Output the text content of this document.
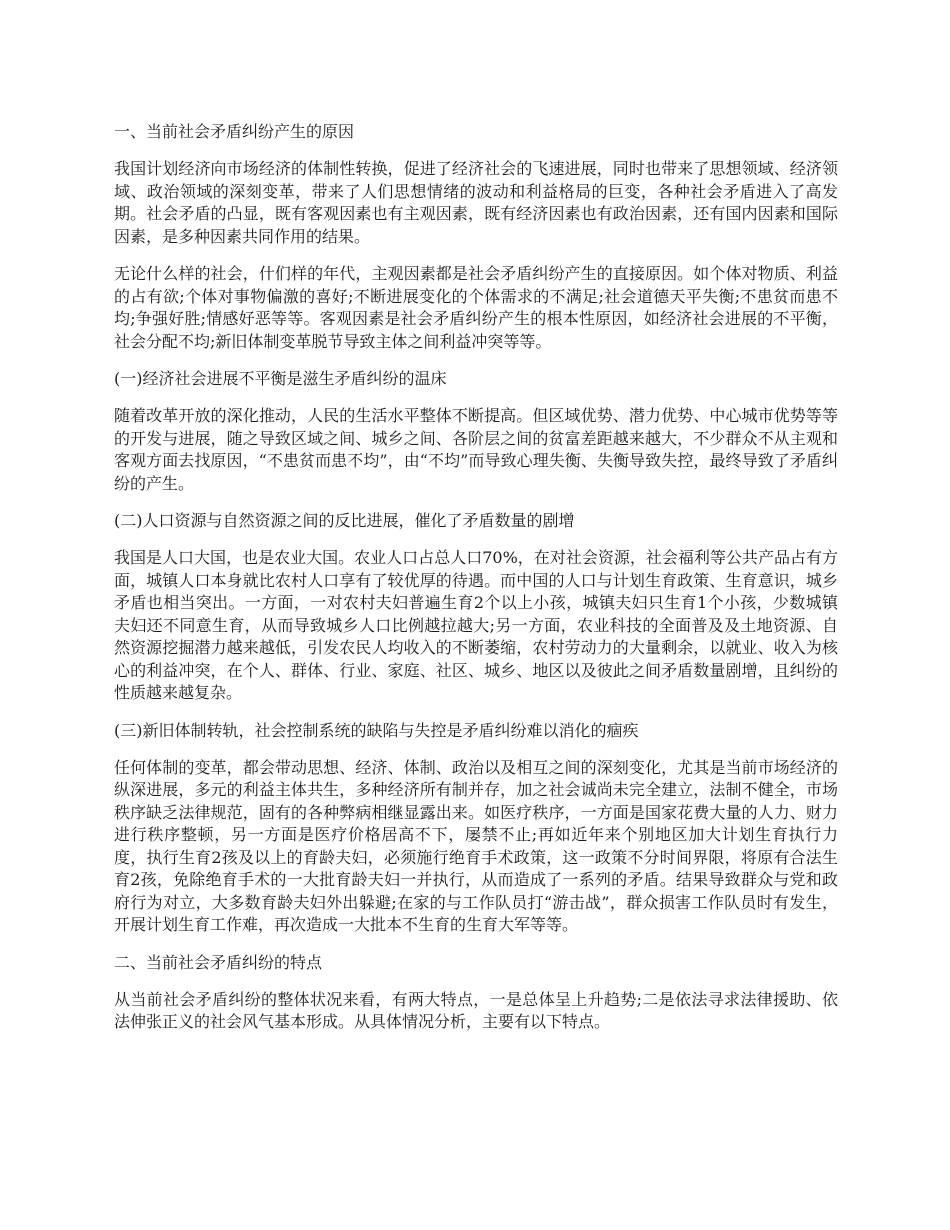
一、当前社会矛盾纠纷产生的原因
我国计划经济向市场经济的体制性转换，促进了经济社会的飞速进展，同时也带来了思想领域、经济领域、政治领域的深刻变革，带来了人们思想情绪的波动和利益格局的巨变，各种社会矛盾进入了高发期。社会矛盾的凸显，既有客观因素也有主观因素，既有经济因素也有政治因素，还有国内因素和国际因素，是多种因素共同作用的结果。
无论什么样的社会，什们样的年代，主观因素都是社会矛盾纠纷产生的直接原因。如个体对物质、利益的占有欲;个体对事物偏激的喜好;不断进展变化的个体需求的不满足;社会道德天平失衡;不患贫而患不均;争强好胜;情感好恶等等。客观因素是社会矛盾纠纷产生的根本性原因，如经济社会进展的不平衡，社会分配不均;新旧体制变革脱节导致主体之间利益冲突等等。
(一)经济社会进展不平衡是滋生矛盾纠纷的温床
随着改革开放的深化推动，人民的生活水平整体不断提高。但区域优势、潜力优势、中心城市优势等等的开发与进展，随之导致区域之间、城乡之间、各阶层之间的贫富差距越来越大，不少群众不从主观和客观方面去找原因，“不患贫而患不均”，由“不均”而导致心理失衡、失衡导致失控，最终导致了矛盾纠纷的产生。
(二)人口资源与自然资源之间的反比进展，催化了矛盾数量的剧增
我国是人口大国，也是农业大国。农业人口占总人口70%，在对社会资源，社会福利等公共产品占有方面，城镇人口本身就比农村人口享有了较优厚的待遇。而中国的人口与计划生育政策、生育意识，城乡矛盾也相当突出。一方面，一对农村夫妇普遍生育2个以上小孩，城镇夫妇只生育1个小孩，少数城镇夫妇还不同意生育，从而导致城乡人口比例越拉越大;另一方面，农业科技的全面普及及土地资源、自然资源挖掘潜力越来越低，引发农民人均收入的不断萎缩，农村劳动力的大量剩余，以就业、收入为核心的利益冲突，在个人、群体、行业、家庭、社区、城乡、地区以及彼此之间矛盾数量剧增，且纠纷的性质越来越复杂。
(三)新旧体制转轨，社会控制系统的缺陷与失控是矛盾纠纷难以消化的痼疾
任何体制的变革，都会带动思想、经济、体制、政治以及相互之间的深刻变化，尤其是当前市场经济的纵深进展，多元的利益主体共生，多种经济所有制并存，加之社会诚尚未完全建立，法制不健全，市场秩序缺乏法律规范，固有的各种弊病相继显露出来。如医疗秩序，一方面是国家花费大量的人力、财力进行秩序整顿，另一方面是医疗价格居高不下，屡禁不止;再如近年来个别地区加大计划生育执行力度，执行生育2孩及以上的育龄夫妇，必须施行绝育手术政策，这一政策不分时间界限，将原有合法生育2孩，免除绝育手术的一大批育龄夫妇一并执行，从而造成了一系列的矛盾。结果导致群众与党和政府行为对立，大多数育龄夫妇外出躲避;在家的与工作队员打“游击战”，群众损害工作队员时有发生，开展计划生育工作难，再次造成一大批本不生育的生育大军等等。
二、当前社会矛盾纠纷的特点
从当前社会矛盾纠纷的整体状况来看，有两大特点，一是总体呈上升趋势;二是依法寻求法律援助、依法伸张正义的社会风气基本形成。从具体情况分析，主要有以下特点。
